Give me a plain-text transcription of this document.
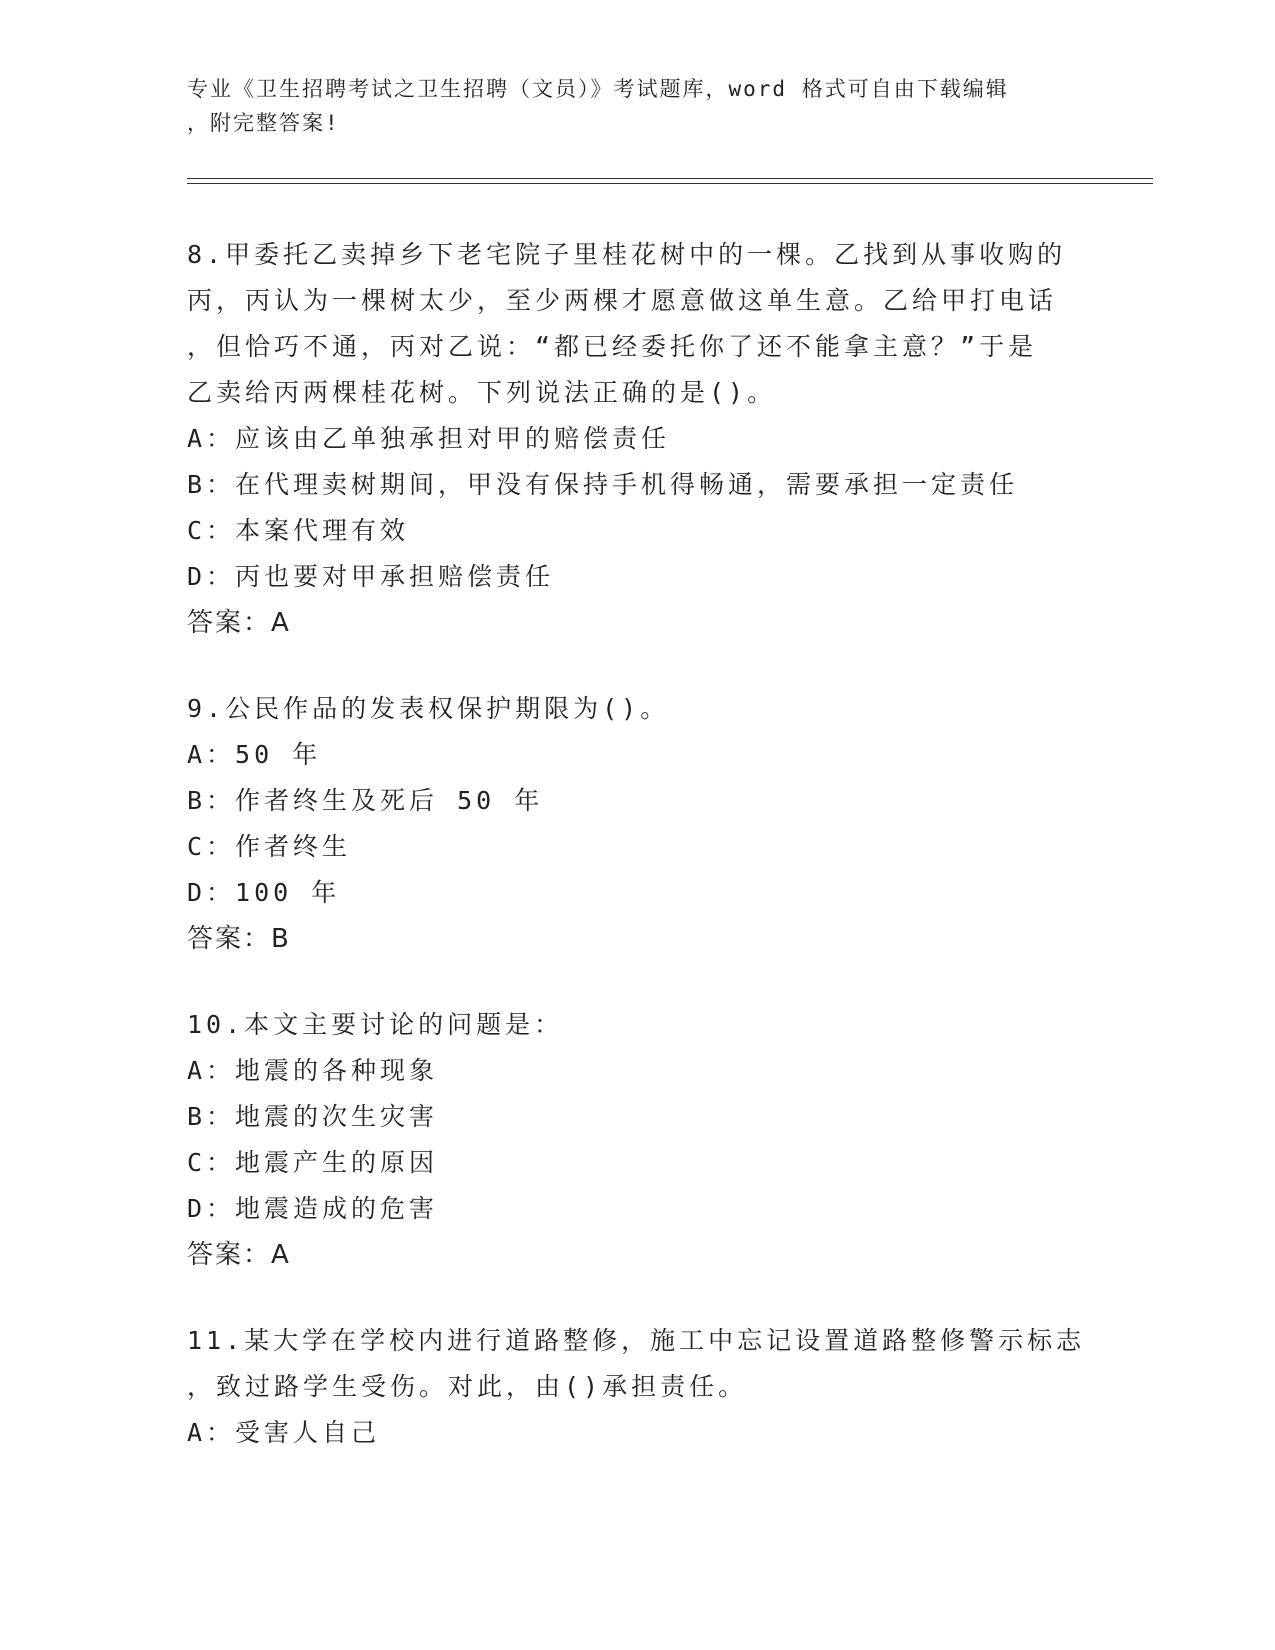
专业《卫生招聘考试之卫生招聘（文员）》考试题库，word 格式可自由下载编辑
，附完整答案!

8.甲委托乙卖掉乡下老宅院子里桂花树中的一棵。乙找到从事收购的

丙，丙认为一棵树太少，至少两棵才愿意做这单生意。乙给甲打电话

，但恰巧不通，丙对乙说：“都已经委托你了还不能拿主意？”于是

乙卖给丙两棵桂花树。下列说法正确的是()。

A：应该由乙单独承担对甲的赔偿责任

B：在代理卖树期间，甲没有保持手机得畅通，需要承担一定责任

C：本案代理有效

D：丙也要对甲承担赔偿责任

答案：A

9.公民作品的发表权保护期限为()。

A：50 年

B：作者终生及死后 50 年

C：作者终生

D：100 年

答案：B

10.本文主要讨论的问题是：

A：地震的各种现象

B：地震的次生灾害

C：地震产生的原因

D：地震造成的危害

答案：A

11.某大学在学校内进行道路整修，施工中忘记设置道路整修警示标志

，致过路学生受伤。对此，由()承担责任。

A：受害人自己
